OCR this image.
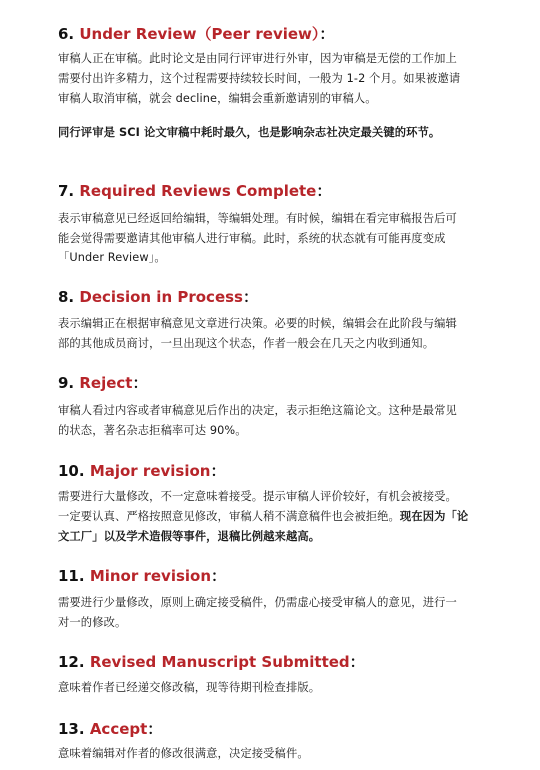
6. Under Review（Peer review）：
审稿人正在审稿。此时论文是由同行评审进行外审，因为审稿是无偿的工作加上
需要付出许多精力，这个过程需要持续较长时间，一般为 1-2 个月。如果被邀请
审稿人取消审稿，就会 decline，编辑会重新邀请别的审稿人。
同行评审是 SCI 论文审稿中耗时最久，也是影响杂志社决定最关键的环节。
7. Required Reviews Complete：
表示审稿意见已经返回给编辑，等编辑处理。有时候，编辑在看完审稿报告后可
能会觉得需要邀请其他审稿人进行审稿。此时，系统的状态就有可能再度变成
「Under Review」。
8. Decision in Process：
表示编辑正在根据审稿意见文章进行决策。必要的时候，编辑会在此阶段与编辑
部的其他成员商讨，一旦出现这个状态，作者一般会在几天之内收到通知。
9. Reject：
审稿人看过内容或者审稿意见后作出的决定，表示拒绝这篇论文。这种是最常见
的状态，著名杂志拒稿率可达 90%。
10. Major revision：
需要进行大量修改，不一定意味着接受。提示审稿人评价较好，有机会被接受。
一定要认真、严格按照意见修改，审稿人稍不满意稿件也会被拒绝。现在因为「论
文工厂」以及学术造假等事件，退稿比例越来越高。
11. Minor revision：
需要进行少量修改，原则上确定接受稿件，仍需虚心接受审稿人的意见，进行一
对一的修改。
12. Revised Manuscript Submitted：
意味着作者已经递交修改稿，现等待期刊检查排版。
13. Accept：
意味着编辑对作者的修改很满意，决定接受稿件。
